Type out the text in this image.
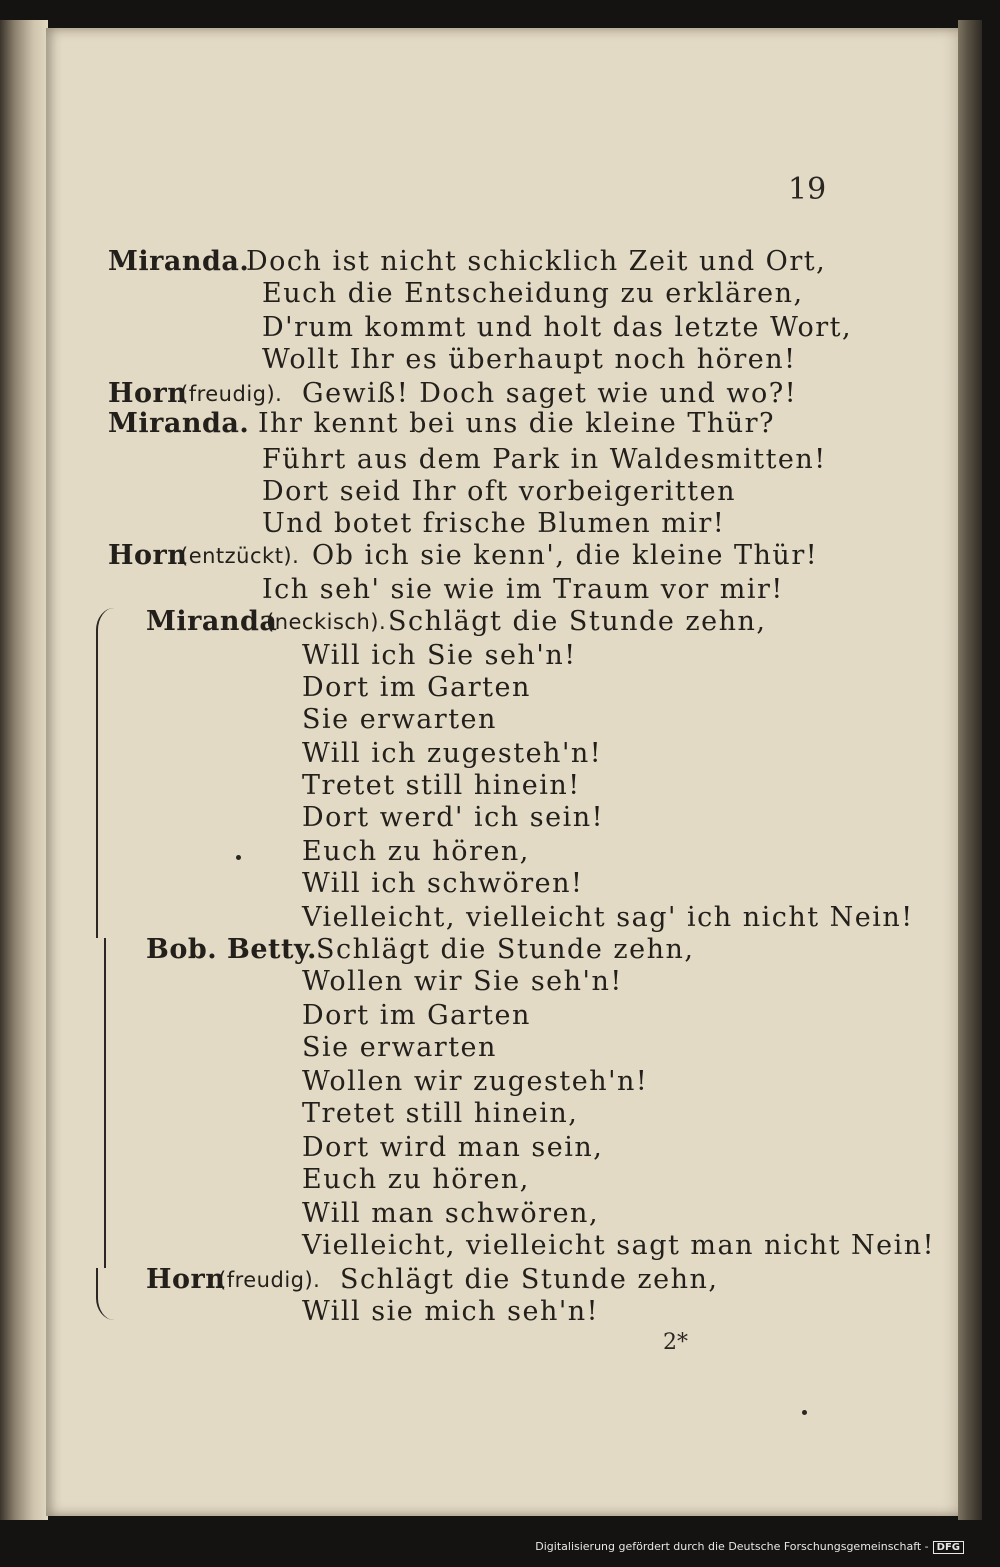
19
Miranda.
Doch ist nicht schicklich Zeit und Ort,
Euch die Entscheidung zu erklären,
D'rum kommt und holt das letzte Wort,
Wollt Ihr es überhaupt noch hören!
Horn
(freudig). Gewiß! Doch saget wie und wo?!
Miranda. Ihr kennt bei uns die kleine Thür?
Führt aus dem Park in Waldesmitten!
Dort seid Ihr oft vorbeigeritten
Und botet frische Blumen mir!
Horn
(entzückt). Ob ich sie kenn', die kleine Thür!
Ich seh' sie wie im Traum vor mir!
Miranda
(neckisch). Schlägt die Stunde zehn,
Will ich Sie seh'n!
Dort im Garten
Sie erwarten
Will ich zugesteh'n!
Tretet still hinein!
Dort werd' ich sein!
Euch zu hören,
Will ich schwören!
Vielleicht, vielleicht sag' ich nicht Nein!
Bob. Betty. Schlägt die Stunde zehn,
Wollen wir Sie seh'n!
Dort im Garten
Sie erwarten
Wollen wir zugesteh'n!
Tretet still hinein,
Dort wird man sein,
Euch zu hören,
Will man schwören,
Vielleicht, vielleicht sagt man nicht Nein!
Horn
(freudig). Schlägt die Stunde zehn,
Will sie mich seh'n!
2*
Digitalisierung gefördert durch die Deutsche Forschungsgemeinschaft - DFG
